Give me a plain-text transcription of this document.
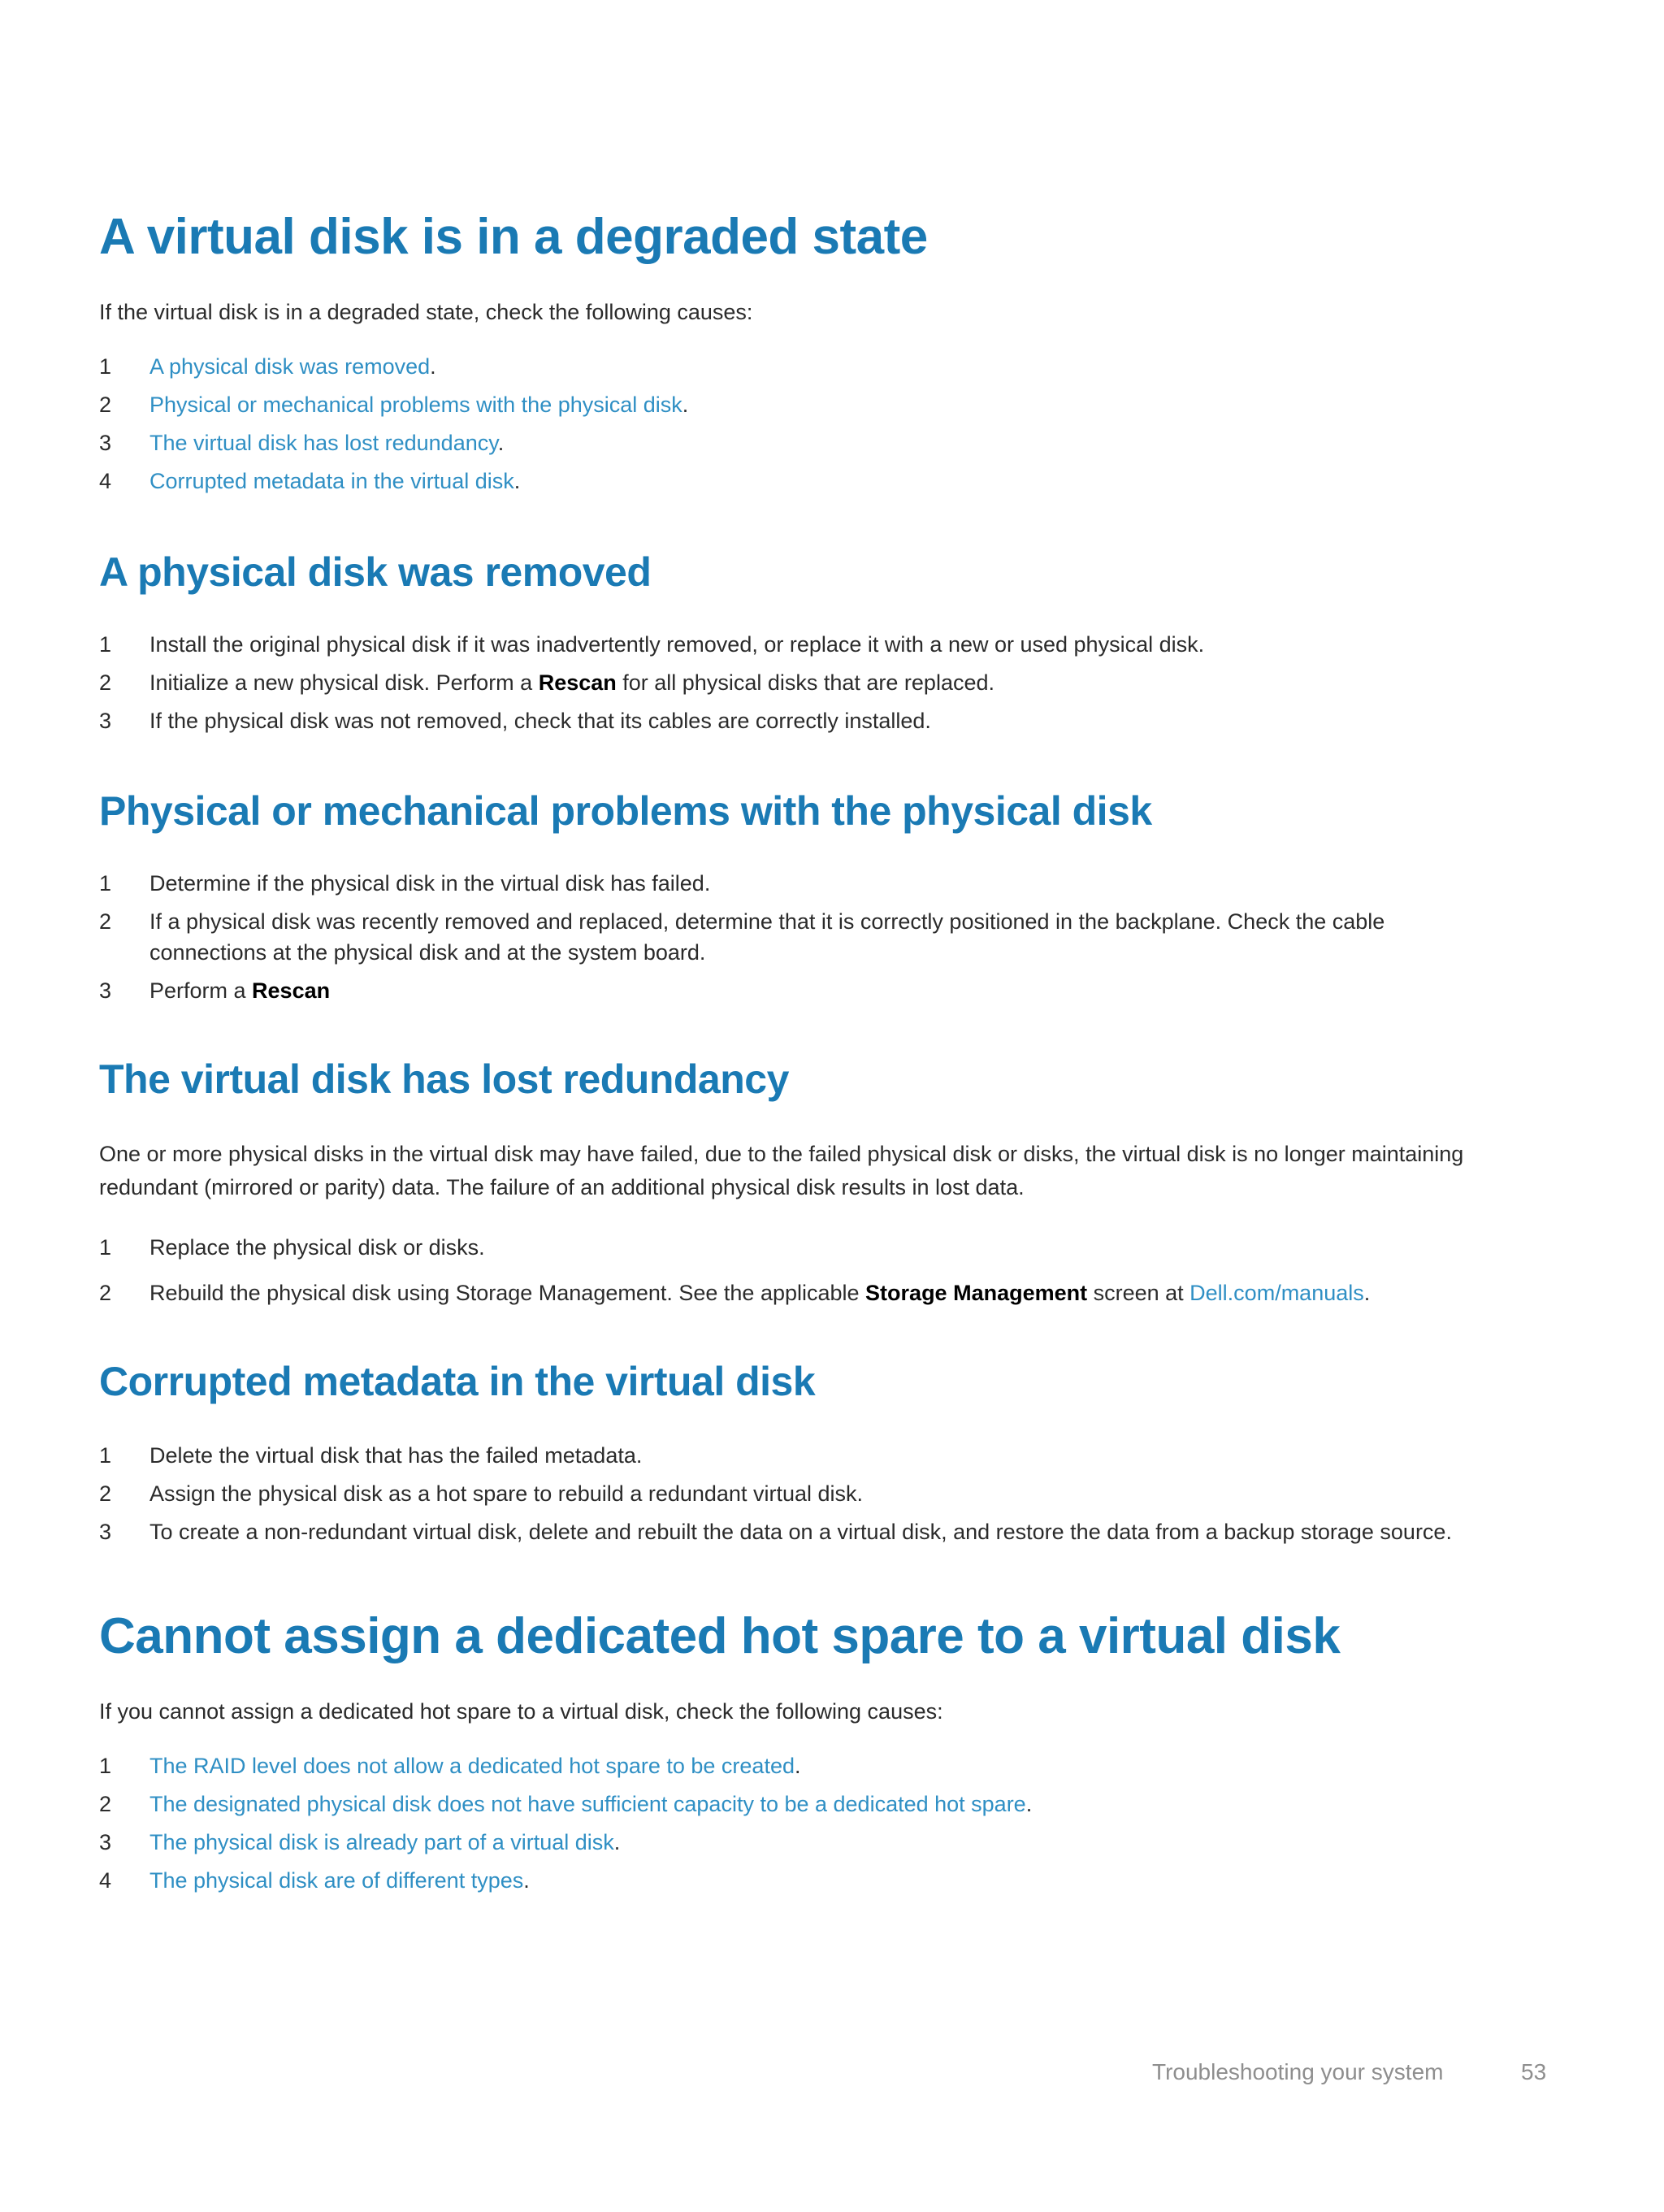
A virtual disk is in a degraded state

If the virtual disk is in a degraded state, check the following causes:

1	A physical disk was removed.
2	Physical or mechanical problems with the physical disk.
3	The virtual disk has lost redundancy.
4	Corrupted metadata in the virtual disk.
A physical disk was removed
1	Install the original physical disk if it was inadvertently removed, or replace it with a new or used physical disk.
2	Initialize a new physical disk. Perform a Rescan for all physical disks that are replaced.
3	If the physical disk was not removed, check that its cables are correctly installed.
Physical or mechanical problems with the physical disk
1	Determine if the physical disk in the virtual disk has failed.
2	If a physical disk was recently removed and replaced, determine that it is correctly positioned in the backplane. Check the cable connections at the physical disk and at the system board.
3	Perform a Rescan
The virtual disk has lost redundancy

One or more physical disks in the virtual disk may have failed, due to the failed physical disk or disks, the virtual disk is no longer maintaining redundant (mirrored or parity) data. The failure of an additional physical disk results in lost data.

1	Replace the physical disk or disks.
2	Rebuild the physical disk using Storage Management. See the applicable Storage Management screen at Dell.com/manuals.
Corrupted metadata in the virtual disk
1	Delete the virtual disk that has the failed metadata.
2	Assign the physical disk as a hot spare to rebuild a redundant virtual disk.
3	To create a non-redundant virtual disk, delete and rebuilt the data on a virtual disk, and restore the data from a backup storage source.
Cannot assign a dedicated hot spare to a virtual disk

If you cannot assign a dedicated hot spare to a virtual disk, check the following causes:

1	The RAID level does not allow a dedicated hot spare to be created.
2	The designated physical disk does not have sufficient capacity to be a dedicated hot spare.
3	The physical disk is already part of a virtual disk.
4	The physical disk are of different types.
Troubleshooting your system	53
